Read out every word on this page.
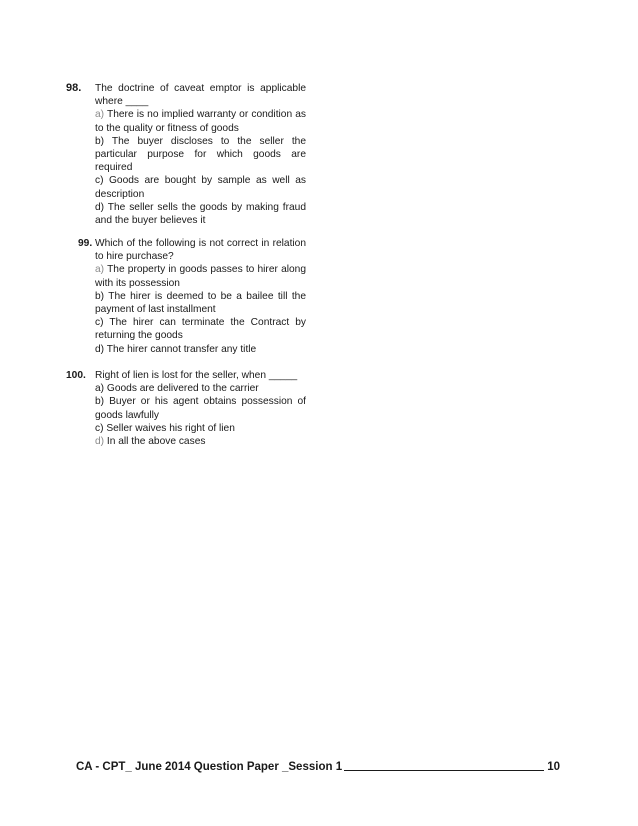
98. The doctrine of caveat emptor is applicable where ____
a) There is no implied warranty or condition as to the quality or fitness of goods
b) The buyer discloses to the seller the particular purpose for which goods are required
c) Goods are bought by sample as well as description
d) The seller sells the goods by making fraud and the buyer believes it
99. Which of the following is not correct in relation to hire purchase?
a) The property in goods passes to hirer along with its possession
b) The hirer is deemed to be a bailee till the payment of last installment
c) The hirer can terminate the Contract by returning the goods
d) The hirer cannot transfer any title
100. Right of lien is lost for the seller, when _____
a) Goods are delivered to the carrier
b) Buyer or his agent obtains possession of goods lawfully
c) Seller waives his right of lien
d) In all the above cases
CA - CPT_ June 2014 Question Paper _Session 1	10
